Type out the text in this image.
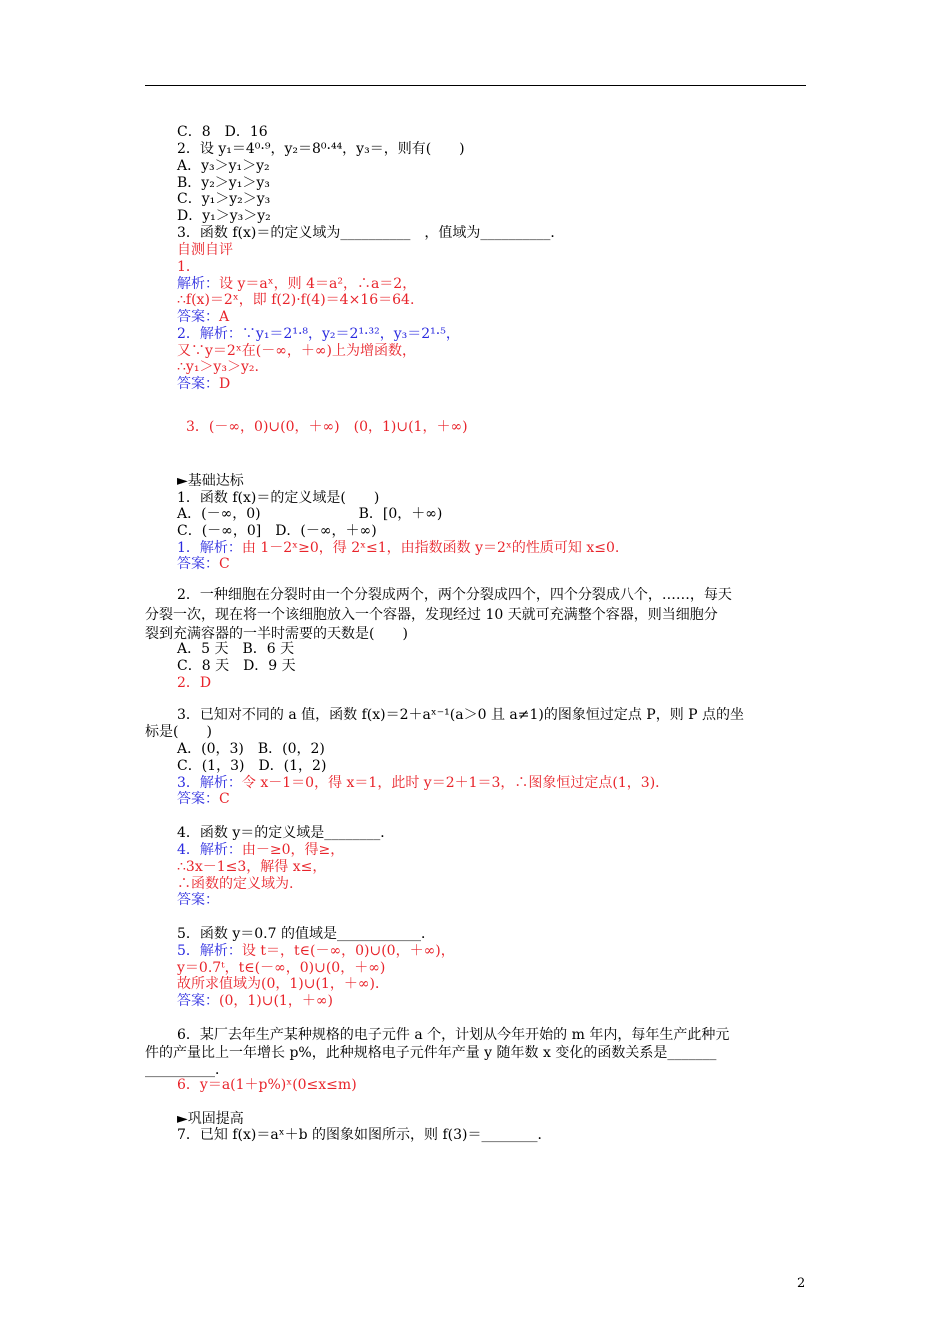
C．8　D．16
2．设 y₁＝4⁰·⁹，y₂＝8⁰·⁴⁴，y₃＝，则有(　　)
A．y₃＞y₁＞y₂
B．y₂＞y₁＞y₃
C．y₁＞y₂＞y₃
D．y₁＞y₃＞y₂
3．函数 f(x)＝的定义域为__________　，值域为__________．
自测自评
1．
解析：设 y＝aˣ，则 4＝a²，∴a＝2，
∴f(x)＝2ˣ，即 f(2)·f(4)＝4×16＝64.
答案：A
2．解析：∵y₁＝2¹·⁸，y₂＝2¹·³²，y₃＝2¹·⁵，
又∵y＝2ˣ在(－∞，＋∞)上为增函数，
∴y₁＞y₃＞y₂.
答案：D
3．(－∞，0)∪(0，＋∞)　(0，1)∪(1，＋∞)
►基础达标
1．函数 f(x)＝的定义域是(　　)
A．(－∞，0)　　　　　　　B．[0，＋∞)
C．(－∞，0]　D．(－∞，＋∞)
1．解析：由 1－2ˣ≥0，得 2ˣ≤1，由指数函数 y＝2ˣ的性质可知 x≤0.
答案：C
2．一种细胞在分裂时由一个分裂成两个，两个分裂成四个，四个分裂成八个，……，每天
分裂一次，现在将一个该细胞放入一个容器，发现经过 10 天就可充满整个容器，则当细胞分
裂到充满容器的一半时需要的天数是(　　)
A．5 天　B．6 天
C．8 天　D．9 天
2．D
3．已知对不同的 a 值，函数 f(x)＝2＋aˣ⁻¹(a＞0 且 a≠1)的图象恒过定点 P，则 P 点的坐
标是(　　)
A．(0，3)　B．(0，2)
C．(1，3)　D．(1，2)
3．解析：令 x－1＝0，得 x＝1，此时 y＝2＋1＝3，∴图象恒过定点(1，3)．
答案：C
4．函数 y＝的定义域是________．
4．解析：由－≥0，得≥，
∴3x－1≤3，解得 x≤，
∴函数的定义域为.
答案：
5．函数 y＝0.7 的值域是____________．
5．解析：设 t＝，t∈(－∞，0)∪(0，＋∞)，
y＝0.7ᵗ，t∈(－∞，0)∪(0，＋∞)
故所求值域为(0，1)∪(1，＋∞)．
答案：(0，1)∪(1，＋∞)
6．某厂去年生产某种规格的电子元件 a 个，计划从今年开始的 m 年内，每年生产此种元
件的产量比上一年增长 p%，此种规格电子元件年产量 y 随年数 x 变化的函数关系是_______
__________．
6．y＝a(1＋p%)ˣ(0≤x≤m)
►巩固提高
7．已知 f(x)＝aˣ＋b 的图象如图所示，则 f(3)＝________．
2
